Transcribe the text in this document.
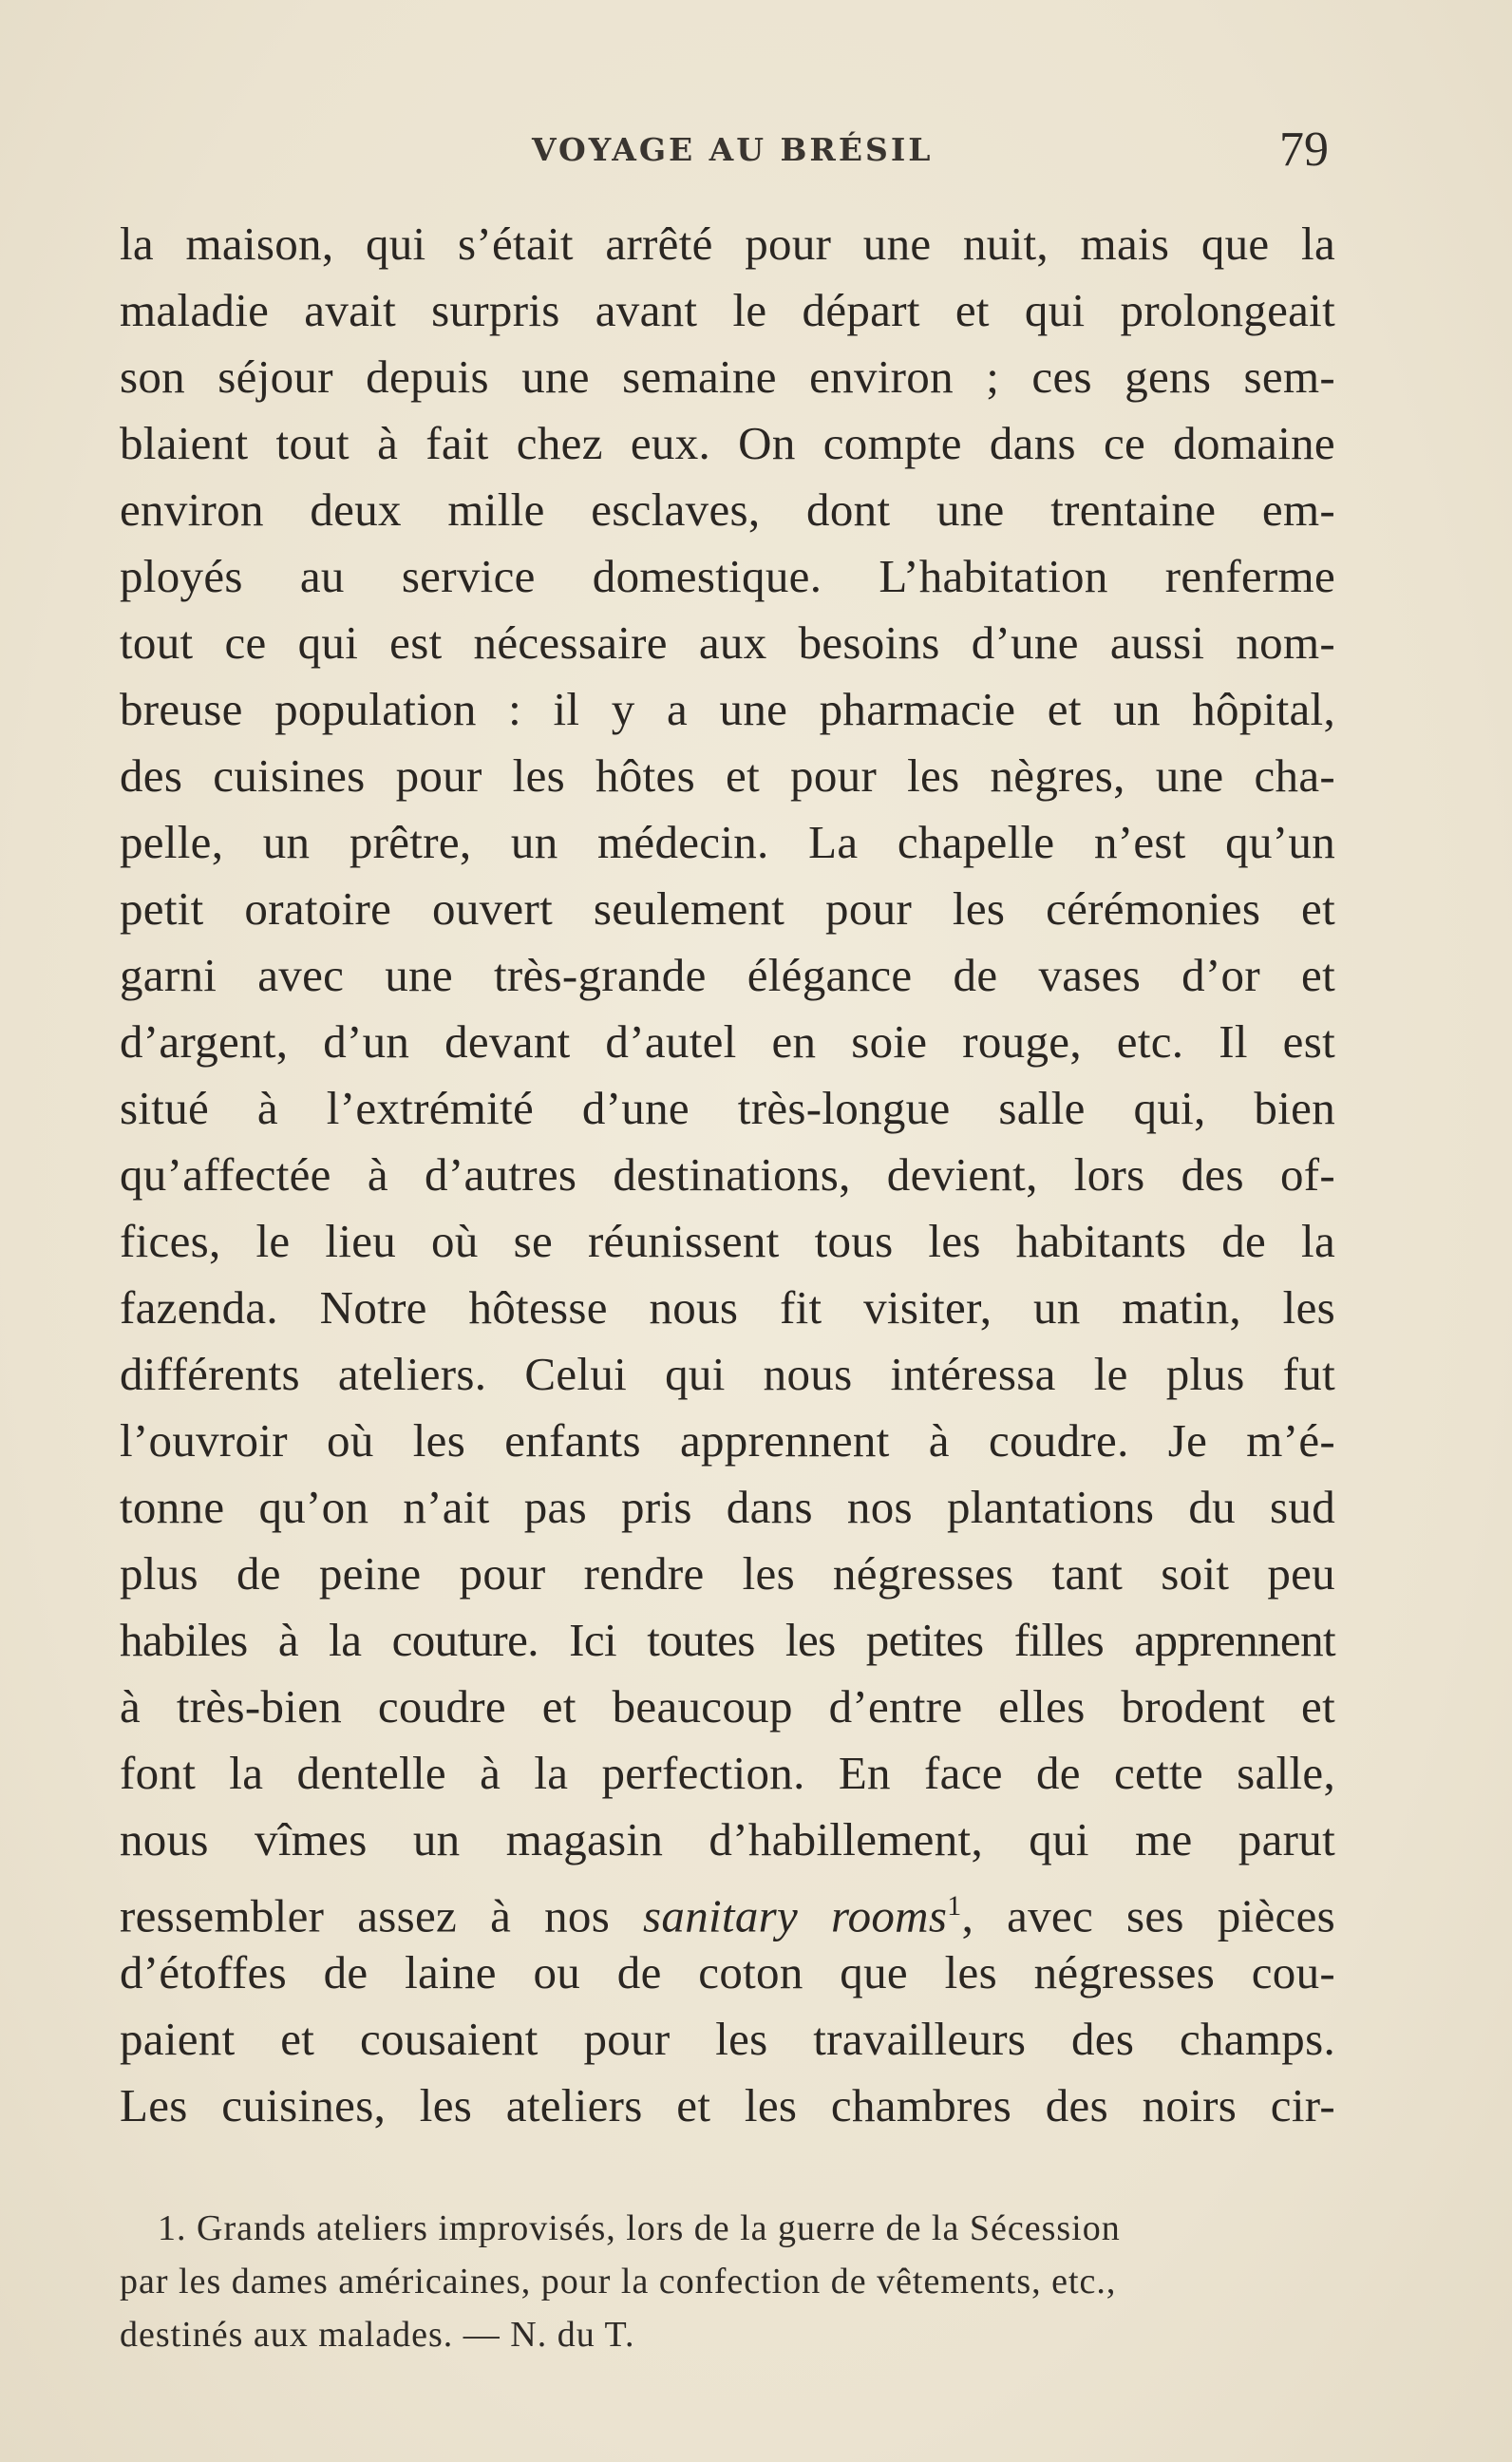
VOYAGE AU BRÉSIL	79
la maison, qui s’était arrêté pour une nuit, mais que la
maladie avait surpris avant le départ et qui prolongeait
son séjour depuis une semaine environ ; ces gens sem-
blaient tout à fait chez eux. On compte dans ce domaine
environ deux mille esclaves, dont une trentaine em-
ployés au service domestique. L’habitation renferme
tout ce qui est nécessaire aux besoins d’une aussi nom-
breuse population : il y a une pharmacie et un hôpital,
des cuisines pour les hôtes et pour les nègres, une cha-
pelle, un prêtre, un médecin. La chapelle n’est qu’un
petit oratoire ouvert seulement pour les cérémonies et
garni avec une très-grande élégance de vases d’or et
d’argent, d’un devant d’autel en soie rouge, etc. Il est
situé à l’extrémité d’une très-longue salle qui, bien
qu’affectée à d’autres destinations, devient, lors des of-
fices, le lieu où se réunissent tous les habitants de la
fazenda. Notre hôtesse nous fit visiter, un matin, les
différents ateliers. Celui qui nous intéressa le plus fut
l’ouvroir où les enfants apprennent à coudre. Je m’é-
tonne qu’on n’ait pas pris dans nos plantations du sud
plus de peine pour rendre les négresses tant soit peu
habiles à la couture. Ici toutes les petites filles apprennent
à très-bien coudre et beaucoup d’entre elles brodent et
font la dentelle à la perfection. En face de cette salle,
nous vîmes un magasin d’habillement, qui me parut
ressembler assez à nos sanitary rooms$^1$, avec ses pièces
d’étoffes de laine ou de coton que les négresses cou-
paient et cousaient pour les travailleurs des champs.
Les cuisines, les ateliers et les chambres des noirs cir-
1. Grands ateliers improvisés, lors de la guerre de la Sécession
par les dames américaines, pour la confection de vêtements, etc.,
destinés aux malades. — N. du T.
